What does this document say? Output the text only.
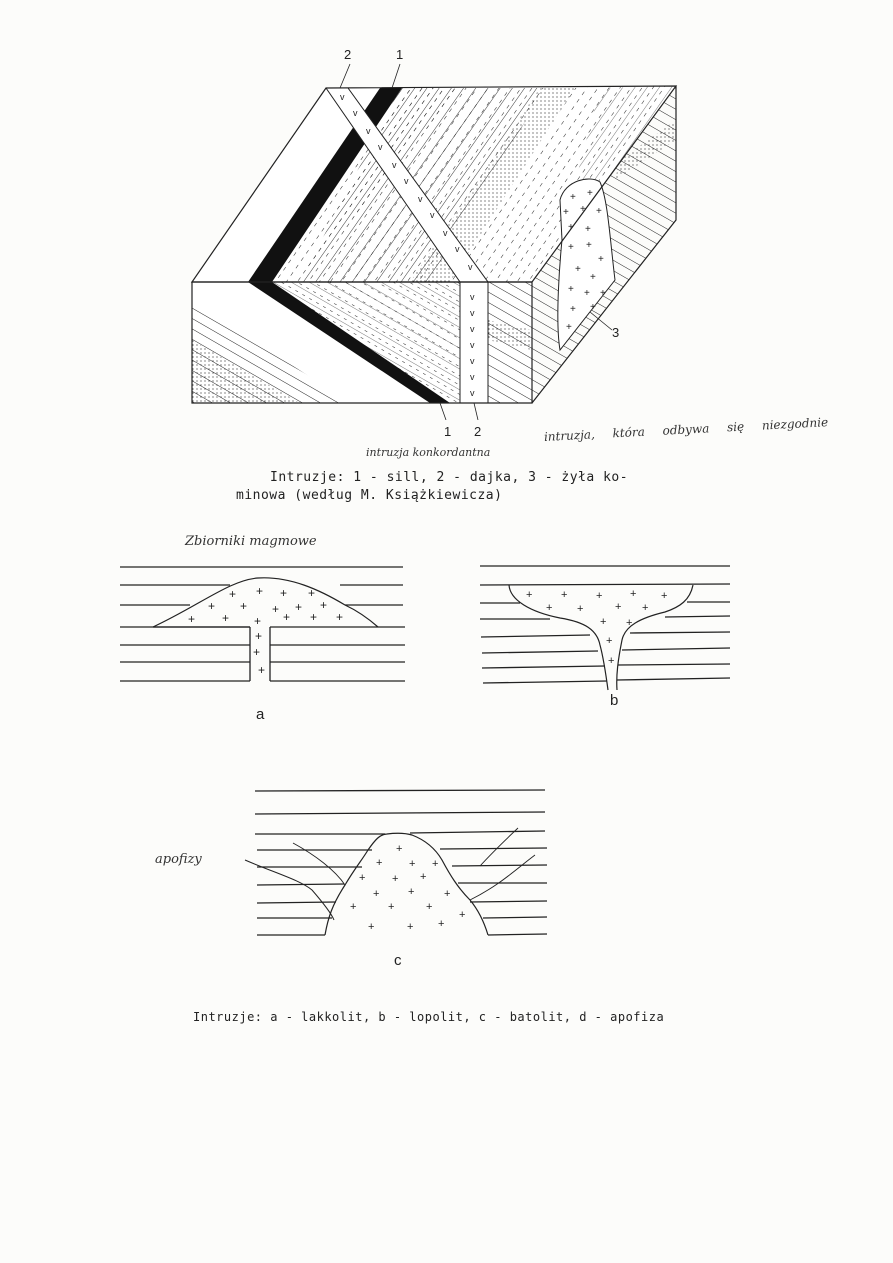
+ +
+ + +
+ +
+ +
+
+
+
+ + +
+ +
+
v
v
v
v
v
v
v
v
v
v
v
v
v
v
v
v
v
v
2	1
1 2
3
intruzja konkordantna
intruzja, która odbywa się niezgodnie
Intruzje: 1 - sill, 2 - dajka, 3 - żyła ko-
minowa (według M. Książkiewicza)
Zbiorniki magmowe
+ + + +
+ + + + +
+ + + + + +
+
+
+
+	+	+	+ +
+ +	+ +
+ +
+
+
+
+ + +
+ + +
+	+	+
+	+	+
+
+	+ +
a
b
c
apofizy
Intruzje: a - lakkolit, b - lopolit, c - batolit, d - apofiza
